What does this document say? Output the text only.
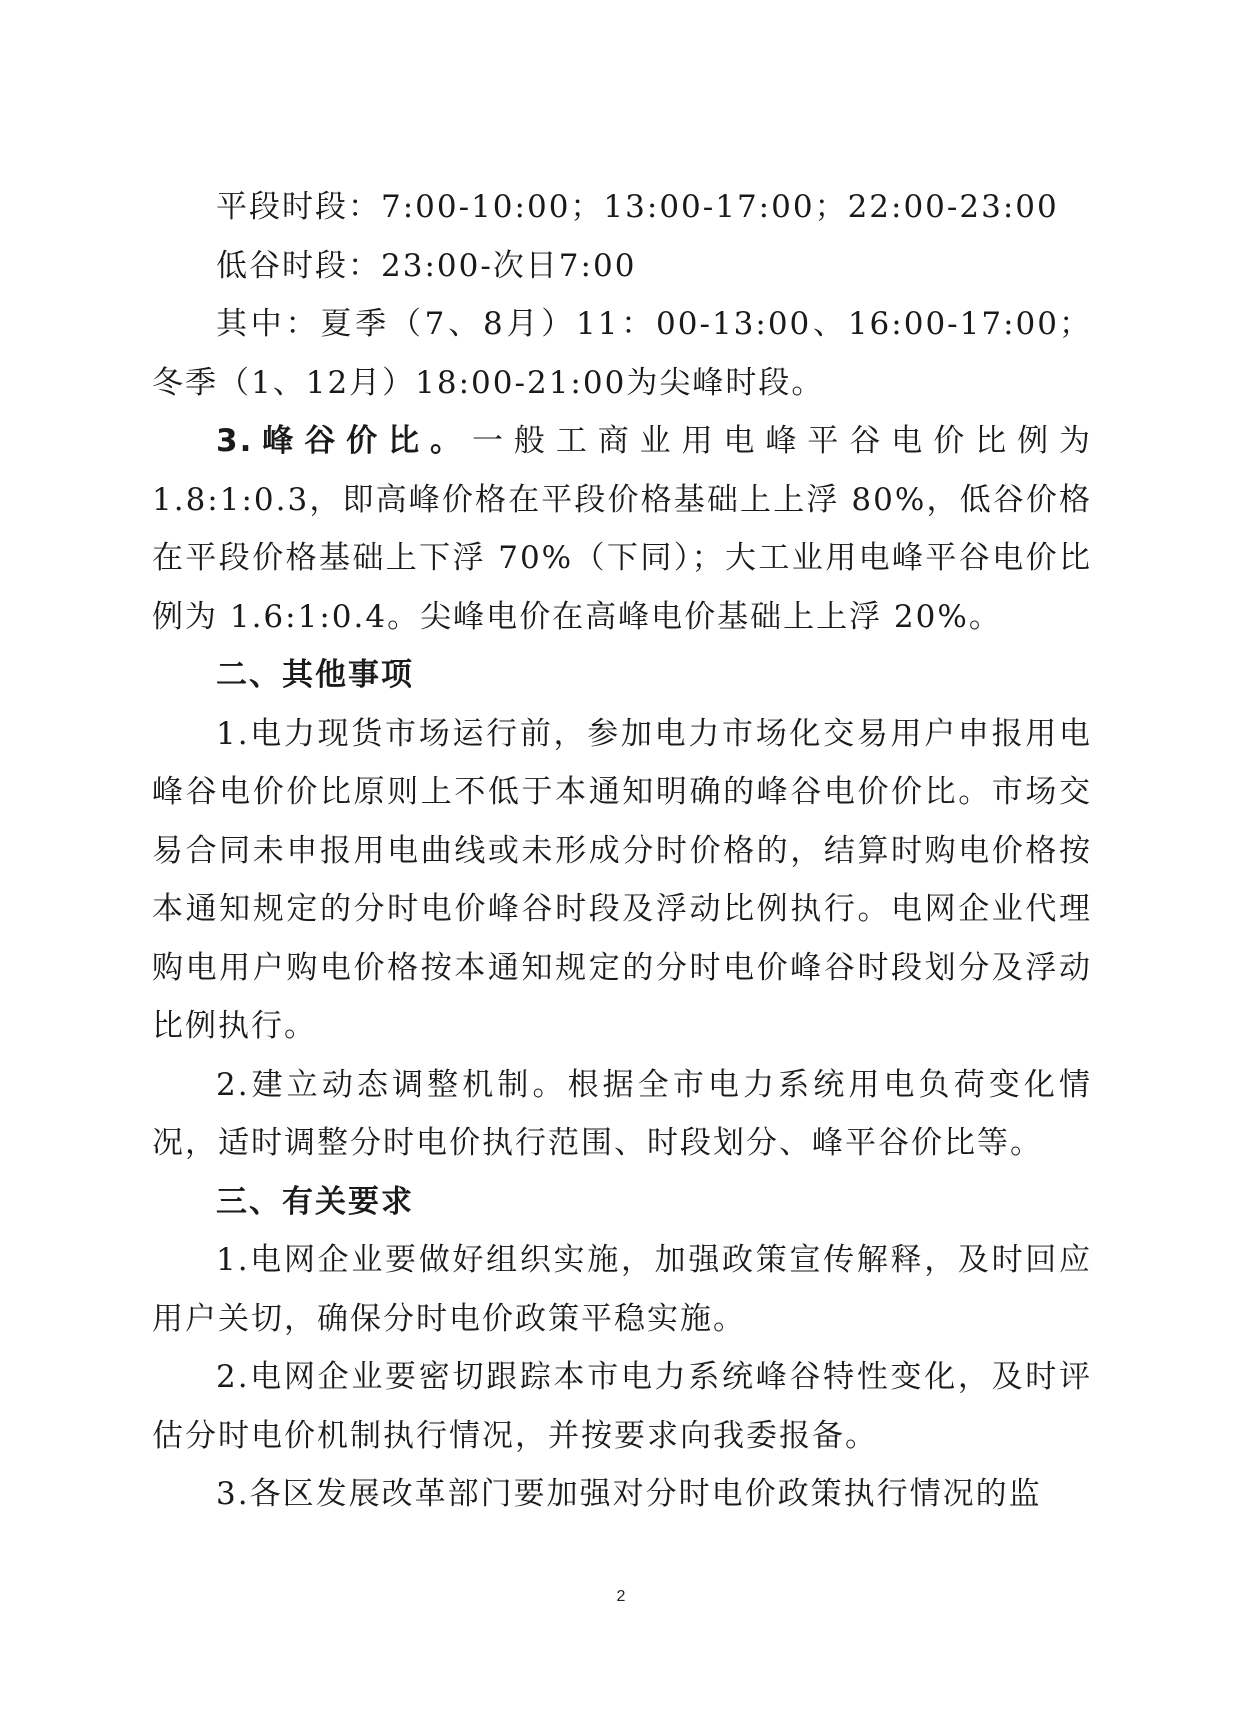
平段时段：7:00-10:00；13:00-17:00；22:00-23:00

低谷时段：23:00-次日7:00

其中：夏季（7、8月）11：00-13:00、16:00-17:00；冬季（1、12月）18:00-21:00为尖峰时段。

3.峰谷价比。一般工商业用电峰平谷电价比例为 1.8:1:0.3，即高峰价格在平段价格基础上上浮 80%，低谷价格在平段价格基础上下浮 70%（下同）；大工业用电峰平谷电价比例为 1.6:1:0.4。尖峰电价在高峰电价基础上上浮 20%。

二、其他事项

1.电力现货市场运行前，参加电力市场化交易用户申报用电峰谷电价价比原则上不低于本通知明确的峰谷电价价比。市场交易合同未申报用电曲线或未形成分时价格的，结算时购电价格按本通知规定的分时电价峰谷时段及浮动比例执行。电网企业代理购电用户购电价格按本通知规定的分时电价峰谷时段划分及浮动比例执行。

2.建立动态调整机制。根据全市电力系统用电负荷变化情况，适时调整分时电价执行范围、时段划分、峰平谷价比等。

三、有关要求

1.电网企业要做好组织实施，加强政策宣传解释，及时回应用户关切，确保分时电价政策平稳实施。

2.电网企业要密切跟踪本市电力系统峰谷特性变化，及时评估分时电价机制执行情况，并按要求向我委报备。

3.各区发展改革部门要加强对分时电价政策执行情况的监

2
